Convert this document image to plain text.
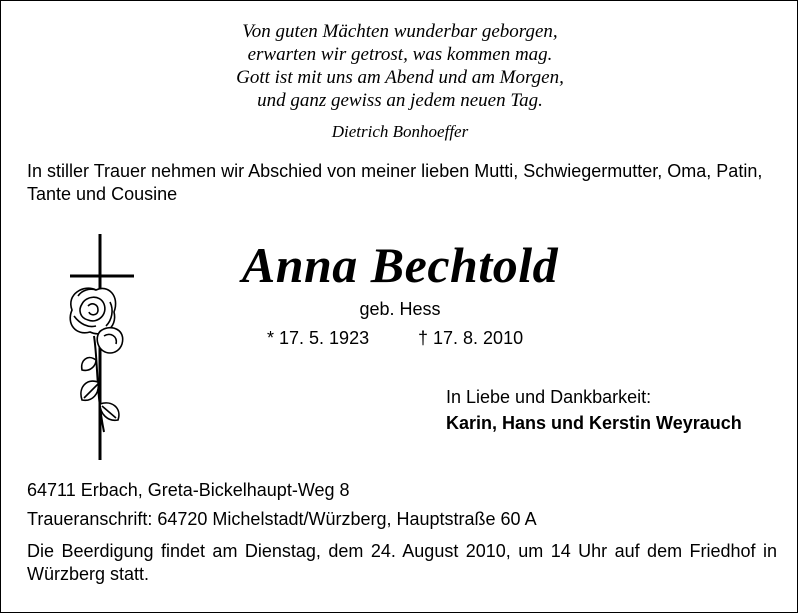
Von guten Mächten wunderbar geborgen,
erwarten wir getrost, was kommen mag.
Gott ist mit uns am Abend und am Morgen,
und ganz gewiss an jedem neuen Tag.
Dietrich Bonhoeffer
In stiller Trauer nehmen wir Abschied von meiner lieben Mutti, Schwiegermutter, Oma, Patin, Tante und Cousine
Anna Bechtold
geb. Hess
* 17. 5. 1923	† 17. 8. 2010
In Liebe und Dankbarkeit:
Karin, Hans und Kerstin Weyrauch
64711 Erbach, Greta-Bickelhaupt-Weg 8
Traueranschrift: 64720 Michelstadt/Würzberg, Hauptstraße 60 A
Die Beerdigung findet am Dienstag, dem 24. August 2010, um 14 Uhr auf dem Friedhof in Würzberg statt.
